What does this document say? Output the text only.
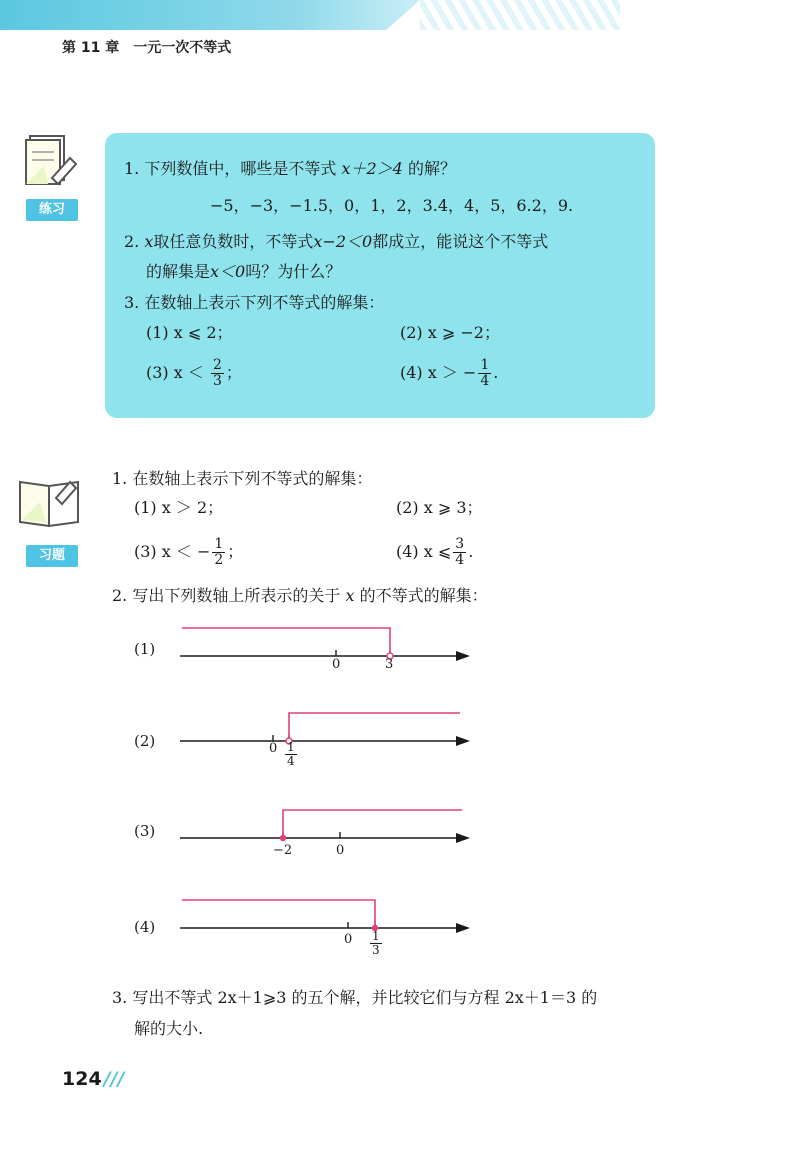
第 11 章 一元一次不等式
练习
1. 下列数值中，哪些是不等式 x＋2＞4 的解？
−5，−3，−1.5，0，1，2，3.4，4，5，6.2，9.
2. x取任意负数时，不等式x−2＜0都成立，能说这个不等式
的解集是x＜0吗？为什么？
3. 在数轴上表示下列不等式的解集：
(1) x ⩽ 2；	(2) x ⩾ −2；
(3) $x < \frac{2}{3}$ ；	(4) x ＞ − $\frac{1}{4}$ .
习题
1. 在数轴上表示下列不等式的解集：
(1) x ＞ 2；	(2) x ⩾ 3；
(3) x ＜ − $\frac{1}{2}$ ；	(4) x ⩽ $\frac{3}{4}$ .
2. 写出下列数轴上所表示的关于 x 的不等式的解集：
(1)
0	3
(2)	$0 \frac{1}{4}$
(3)
−2	0
(4)
$0 \frac{1}{3}$
3. 写出不等式 2x＋1⩾3 的五个解，并比较它们与方程 2x＋1＝3 的
解的大小.
124 ///
